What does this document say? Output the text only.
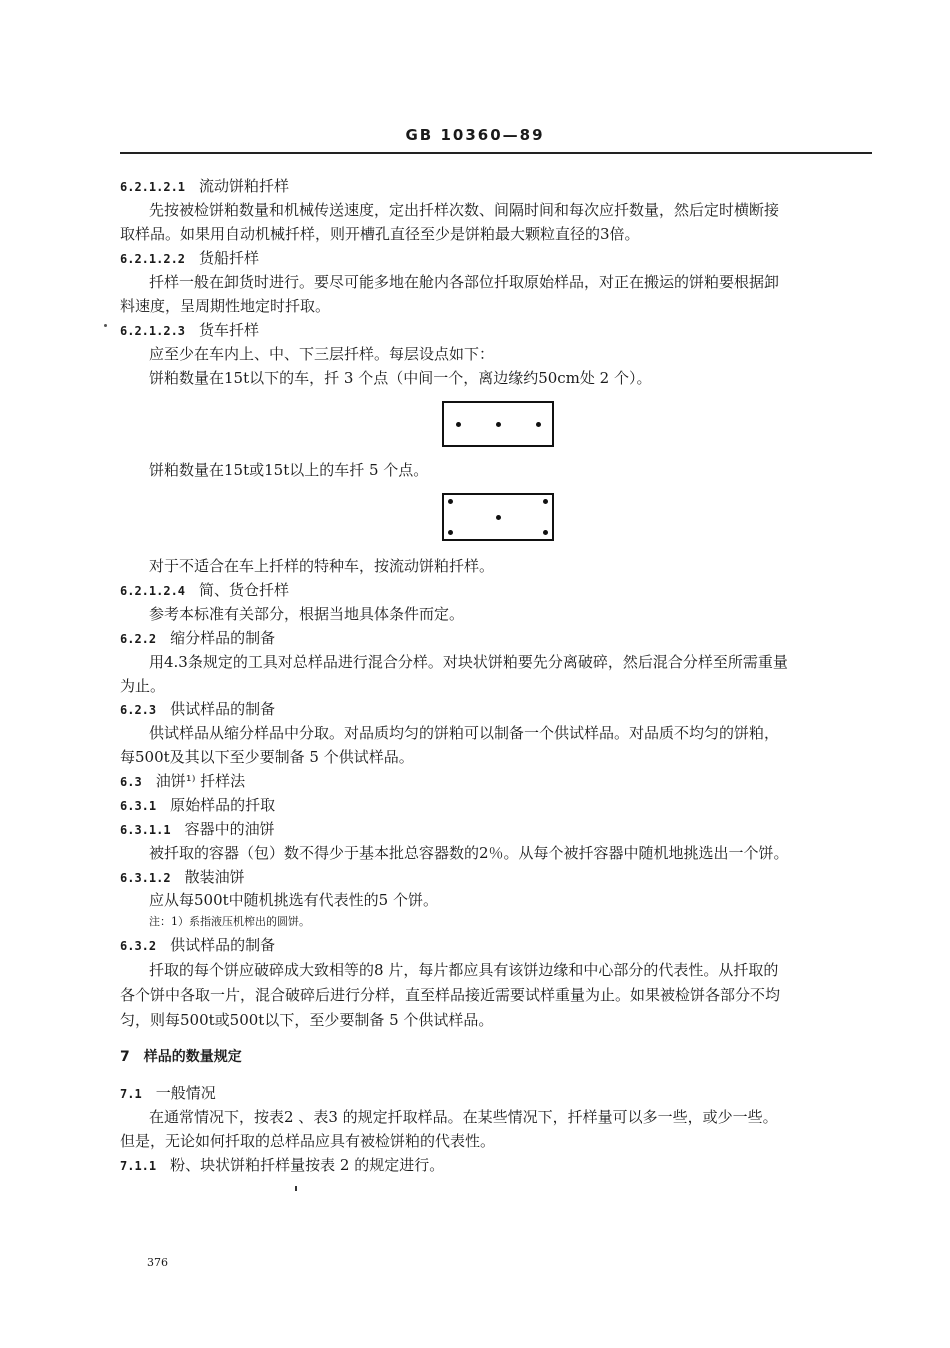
GB 10360—89
6.2.1.2.1 流动饼粕扦样
先按被检饼粕数量和机械传送速度，定出扦样次数、间隔时间和每次应扦数量，然后定时横断接
取样品。如果用自动机械扦样，则开槽孔直径至少是饼粕最大颗粒直径的3倍。
6.2.1.2.2 货船扦样
扦样一般在卸货时进行。要尽可能多地在舱内各部位扦取原始样品，对正在搬运的饼粕要根据卸
料速度，呈周期性地定时扦取。
6.2.1.2.3 货车扦样
应至少在车内上、中、下三层扦样。每层设点如下：
饼粕数量在15t以下的车，扦 3 个点（中间一个，离边缘约50cm处 2 个）。
饼粕数量在15t或15t以上的车扦 5 个点。
对于不适合在车上扦样的特种车，按流动饼粕扦样。
6.2.1.2.4 简、货仓扦样
参考本标准有关部分，根据当地具体条件而定。
6.2.2 缩分样品的制备
用4.3条规定的工具对总样品进行混合分样。对块状饼粕要先分离破碎，然后混合分样至所需重量
为止。
6.2.3 供试样品的制备
供试样品从缩分样品中分取。对品质均匀的饼粕可以制备一个供试样品。对品质不均匀的饼粕，
每500t及其以下至少要制备 5 个供试样品。
6.3 油饼¹⁾ 扦样法
6.3.1 原始样品的扦取
6.3.1.1 容器中的油饼
被扦取的容器（包）数不得少于基本批总容器数的2％。从每个被扦容器中随机地挑选出一个饼。
6.3.1.2 散装油饼
应从每500t中随机挑选有代表性的5 个饼。
注：1）系指液压机榨出的圆饼。
6.3.2 供试样品的制备
扦取的每个饼应破碎成大致相等的8 片，每片都应具有该饼边缘和中心部分的代表性。从扦取的
各个饼中各取一片，混合破碎后进行分样，直至样品接近需要试样重量为止。如果被检饼各部分不均
匀，则每500t或500t以下，至少要制备 5 个供试样品。
7 样品的数量规定
7.1 一般情况
在通常情况下，按表2 、表3 的规定扦取样品。在某些情况下，扦样量可以多一些，或少一些。
但是，无论如何扦取的总样品应具有被检饼粕的代表性。
7.1.1 粉、块状饼粕扦样量按表 2 的规定进行。
376
